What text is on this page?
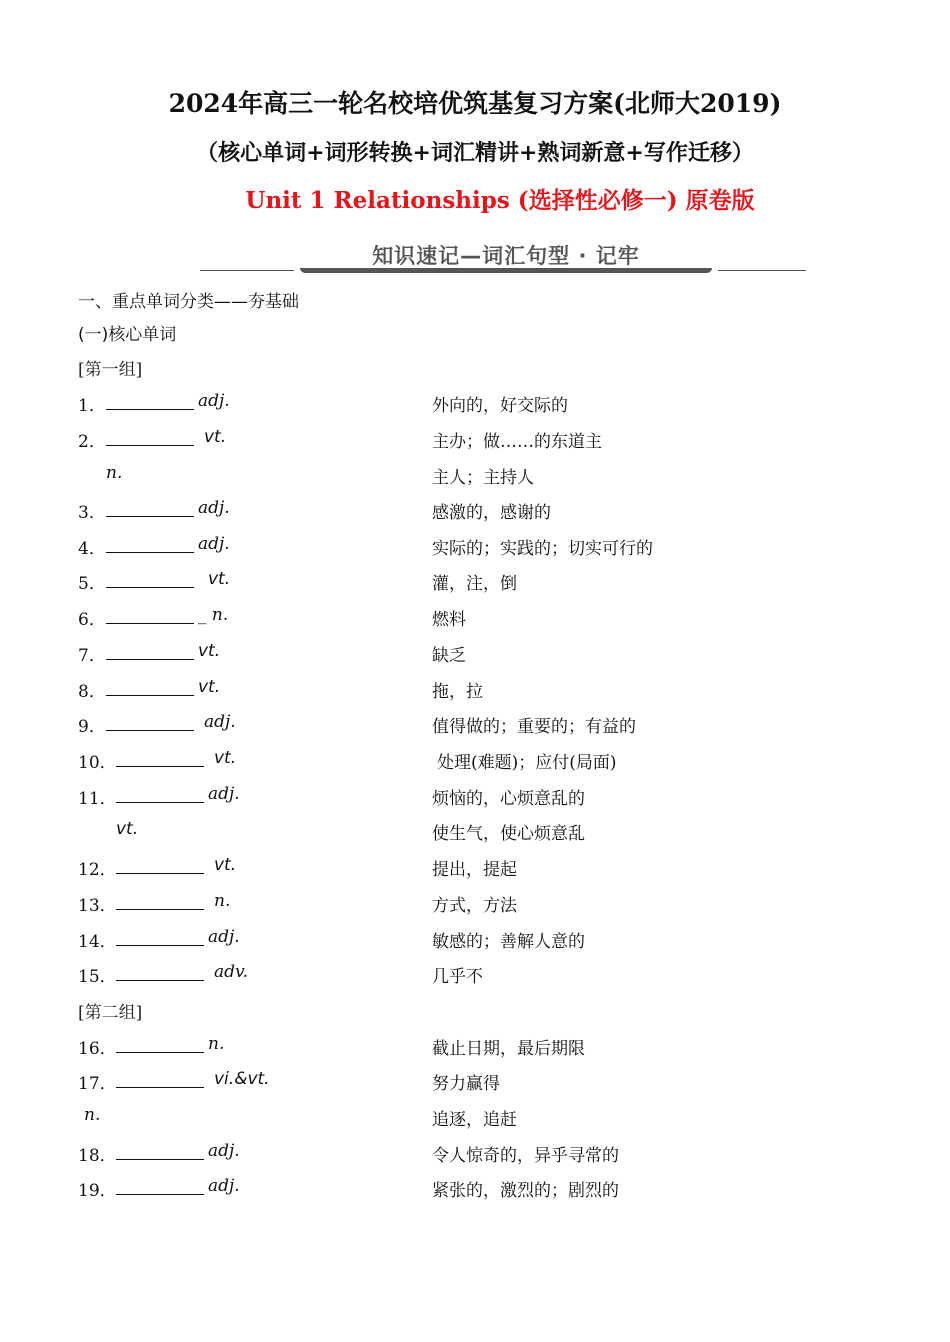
2024年高三一轮名校培优筑基复习方案(北师大2019)
（核心单词+词形转换+词汇精讲+熟词新意+写作迁移）
Unit 1 Relationships (选择性必修一) 原卷版
知识速记—词汇句型 · 记牢
一、重点单词分类——夯基础
(一)核心单词
[第一组]
1．	adj.	外向的，好交际的
2．	vt.	主办；做……的东道主
n.	主人；主持人
3．	adj.	感激的，感谢的
4．	adj.	实际的；实践的；切实可行的
5．	vt.	灌，注，倒
6．	_ n.	燃料
7．	vt.	缺乏
8．	vt.	拖，拉
9．	adj.	值得做的；重要的；有益的
10．	vt.	处理(难题)；应付(局面)
11．	adj.	烦恼的，心烦意乱的
vt.	使生气，使心烦意乱
12．	vt.	提出，提起
13．	n.	方式，方法
14．	adj.	敏感的；善解人意的
15．	adv.	几乎不
[第二组]
16．	n.	截止日期，最后期限
17．	vi.&vt.	努力赢得
n.	追逐，追赶
18．	adj.	令人惊奇的，异乎寻常的
19．	adj.	紧张的，激烈的；剧烈的
